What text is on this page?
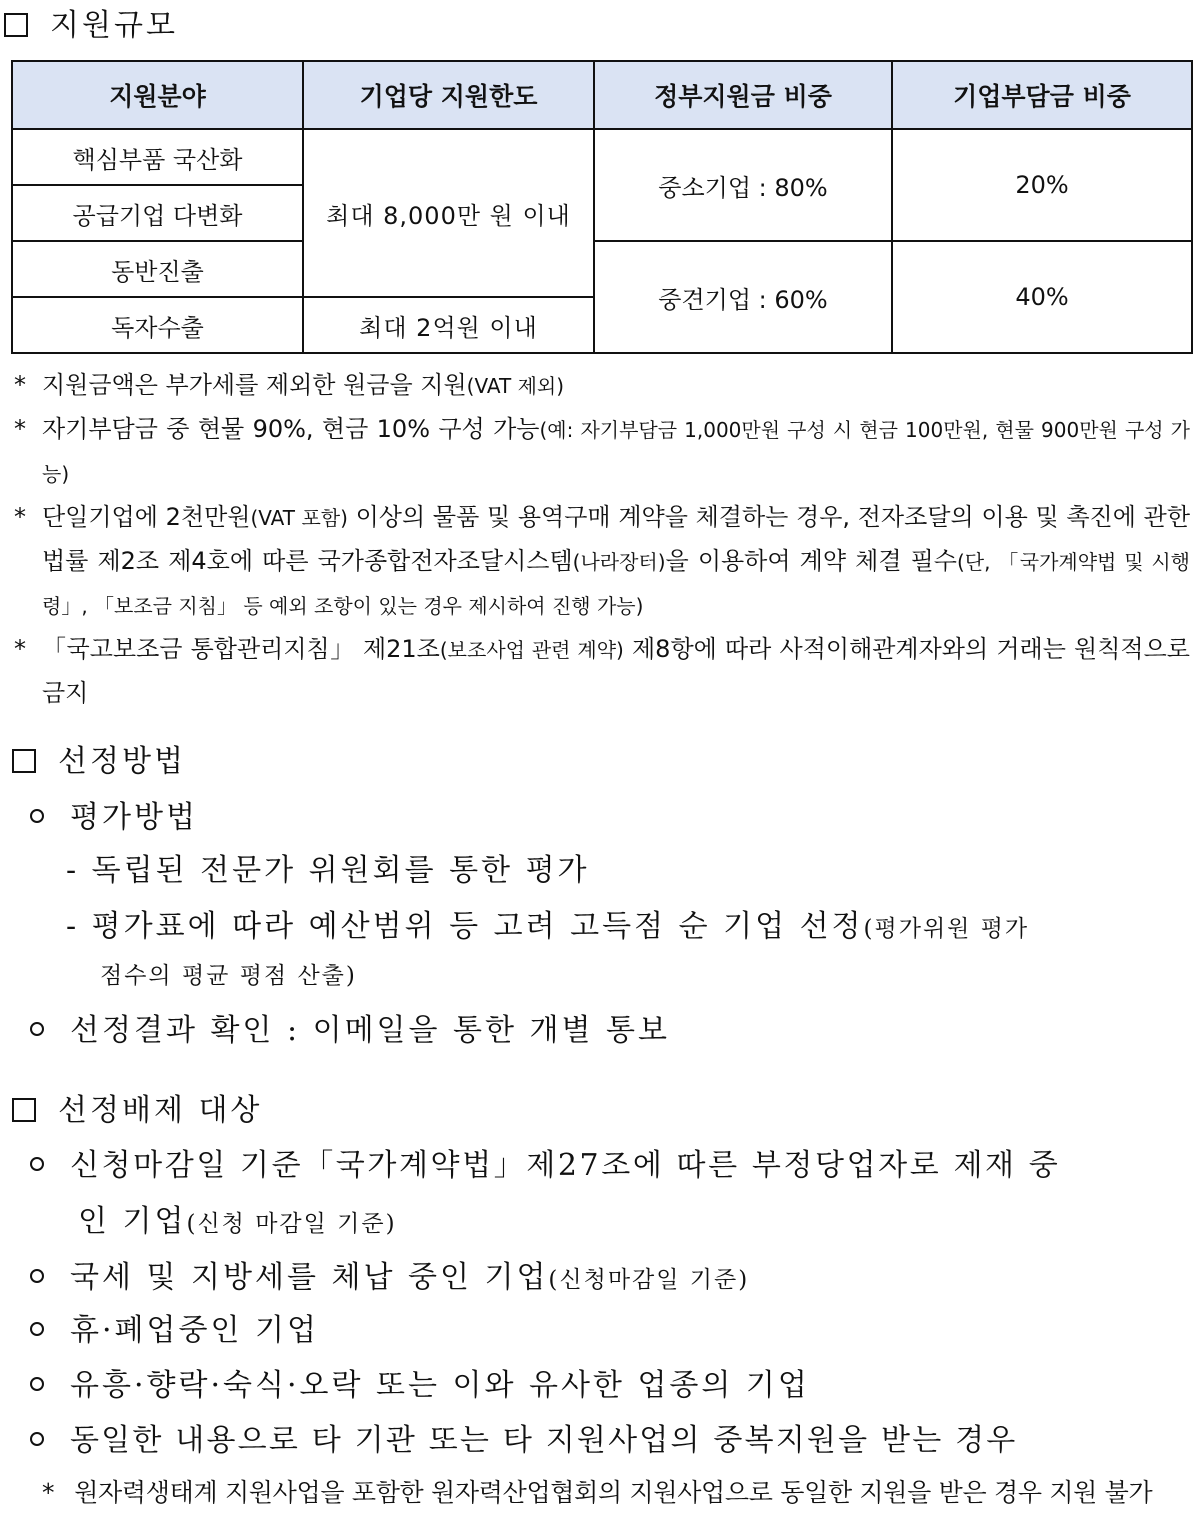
지원규모
지원분야	기업당 지원한도	정부지원금 비중	기업부담금 비중
핵심부품 국산화	최대 8,000만 원 이내	중소기업 : 80%	20%
공급기업 다변화			
동반진출		중견기업 : 60%	40%
독자수출	최대 2억원 이내		
* 지원금액은 부가세를 제외한 원금을 지원(VAT 제외)
* 자기부담금 중 현물 90%, 현금 10% 구성 가능(예: 자기부담금 1,000만원 구성 시 현금 100만원, 현물 900만원 구성 가능)
* 단일기업에 2천만원(VAT 포함) 이상의 물품 및 용역구매 계약을 체결하는 경우, 전자조달의 이용 및 촉진에 관한 법률 제2조 제4호에 따른 국가종합전자조달시스템(나라장터)을 이용하여 계약 체결 필수(단, 「국가계약법 및 시행령」, 「보조금 지침」 등 예외 조항이 있는 경우 제시하여 진행 가능)
* 「국고보조금 통합관리지침」 제21조(보조사업 관련 계약) 제8항에 따라 사적이해관계자와의 거래는 원칙적으로 금지
선정방법
평가방법
- 독립된 전문가 위원회를 통한 평가
- 평가표에 따라 예산범위 등 고려 고득점 순 기업 선정(평가위원 평가
점수의 평균 평점 산출)
선정결과 확인 : 이메일을 통한 개별 통보
선정배제 대상
신청마감일 기준「국가계약법」제27조에 따른 부정당업자로 제재 중
인 기업(신청 마감일 기준)
국세 및 지방세를 체납 중인 기업(신청마감일 기준)
휴·폐업중인 기업
유흥·향락·숙식·오락 또는 이와 유사한 업종의 기업
동일한 내용으로 타 기관 또는 타 지원사업의 중복지원을 받는 경우
* 원자력생태계 지원사업을 포함한 원자력산업협회의 지원사업으로 동일한 지원을 받은 경우 지원 불가
